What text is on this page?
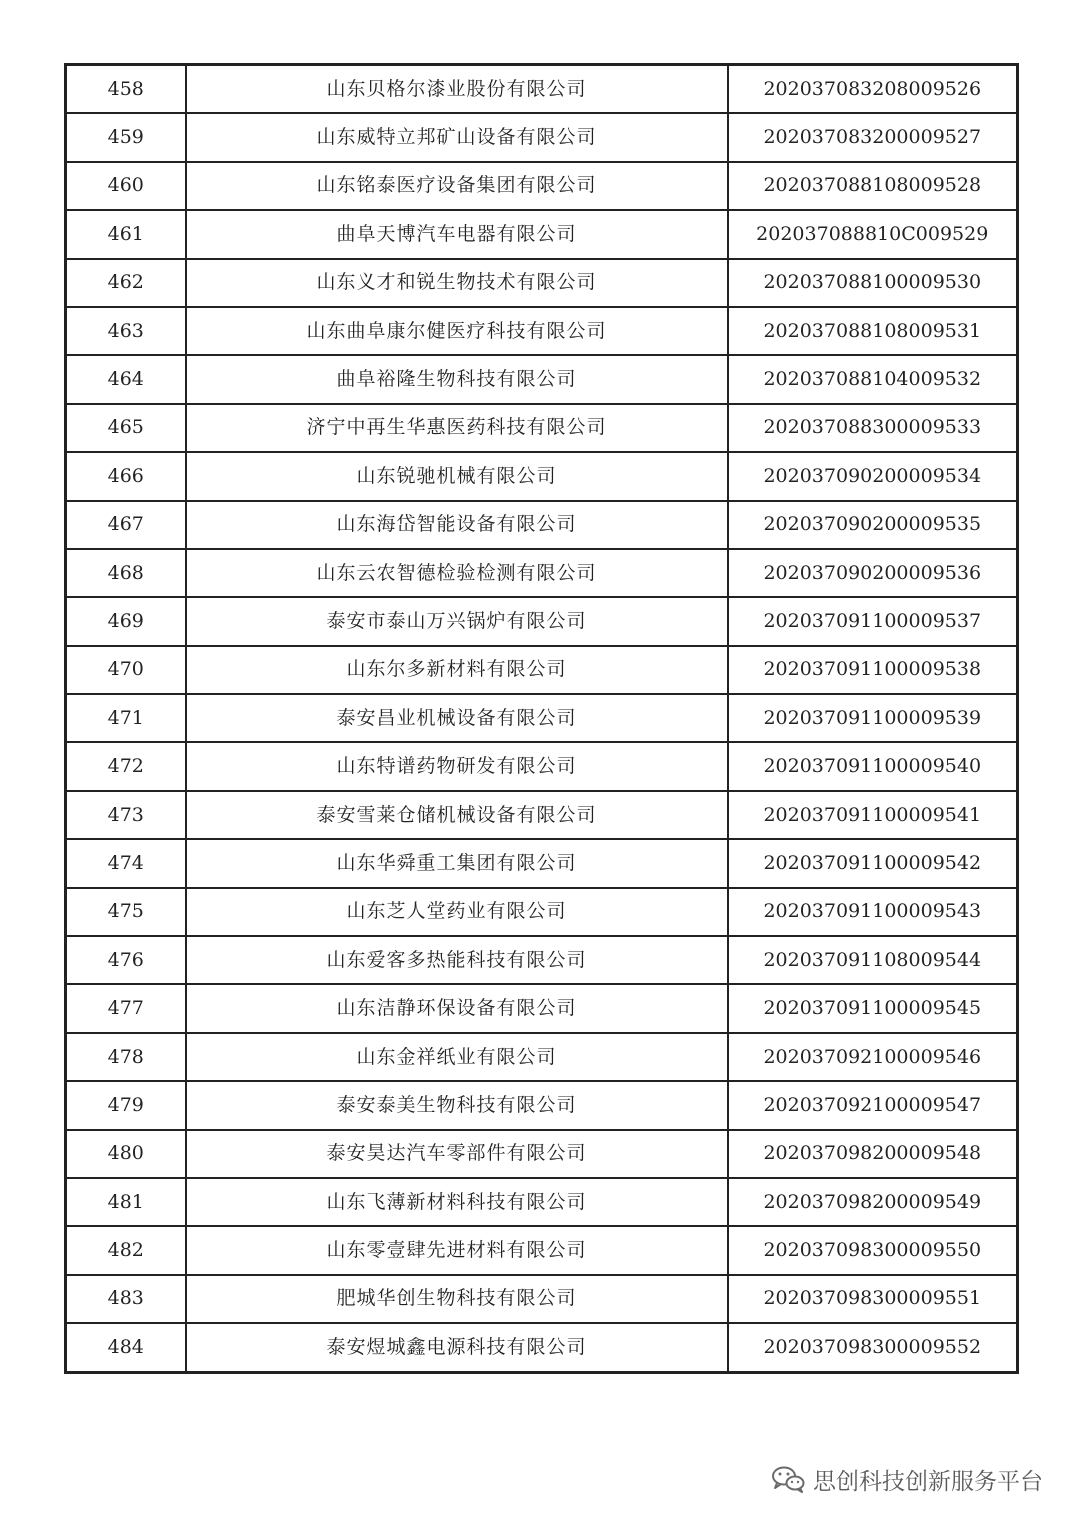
458	山东贝格尔漆业股份有限公司	202037083208009526
459	山东威特立邦矿山设备有限公司	202037083200009527
460	山东铭泰医疗设备集团有限公司	202037088108009528
461	曲阜天博汽车电器有限公司	202037088810C009529
462	山东义才和锐生物技术有限公司	202037088100009530
463	山东曲阜康尔健医疗科技有限公司	202037088108009531
464	曲阜裕隆生物科技有限公司	202037088104009532
465	济宁中再生华惠医药科技有限公司	202037088300009533
466	山东锐驰机械有限公司	202037090200009534
467	山东海岱智能设备有限公司	202037090200009535
468	山东云农智德检验检测有限公司	202037090200009536
469	泰安市泰山万兴锅炉有限公司	202037091100009537
470	山东尔多新材料有限公司	202037091100009538
471	泰安昌业机械设备有限公司	202037091100009539
472	山东特谱药物研发有限公司	202037091100009540
473	泰安雪莱仓储机械设备有限公司	202037091100009541
474	山东华舜重工集团有限公司	202037091100009542
475	山东芝人堂药业有限公司	202037091100009543
476	山东爱客多热能科技有限公司	202037091108009544
477	山东洁静环保设备有限公司	202037091100009545
478	山东金祥纸业有限公司	202037092100009546
479	泰安泰美生物科技有限公司	202037092100009547
480	泰安昊达汽车零部件有限公司	202037098200009548
481	山东飞薄新材料科技有限公司	202037098200009549
482	山东零壹肆先进材料有限公司	202037098300009550
483	肥城华创生物科技有限公司	202037098300009551
484	泰安煜城鑫电源科技有限公司	202037098300009552
思创科技创新服务平台
